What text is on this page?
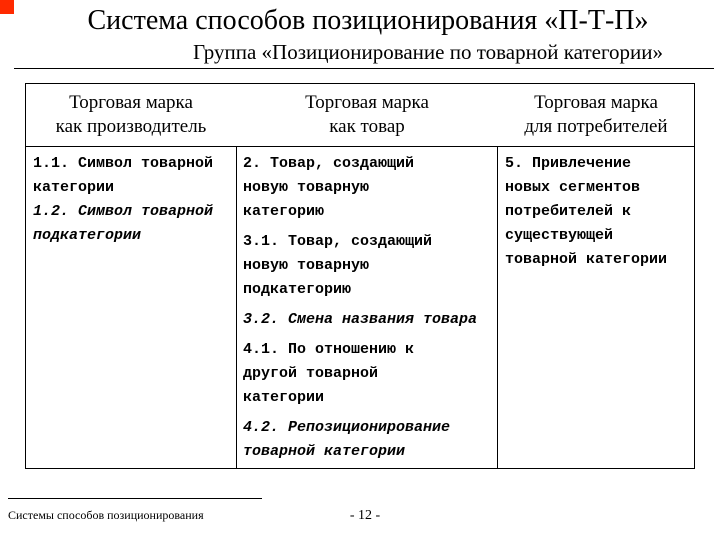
Система способов позиционирования «П-Т-П»
Группа «Позиционирование по товарной категории»
Торговая марка
как производитель
Торговая марка
как товар
Торговая марка
для потребителей
1.1. Символ товарной
категории
1.2. Символ товарной
подкатегории
2. Товар, создающий
новую товарную
категорию
3.1. Товар, создающий
новую товарную
подкатегорию
3.2. Смена названия товара
4.1. По отношению к
другой товарной
категории
4.2. Репозиционирование
товарной категории
5. Привлечение
новых сегментов
потребителей к
существующей
товарной категории
Системы способов позиционирования	- 12 -
